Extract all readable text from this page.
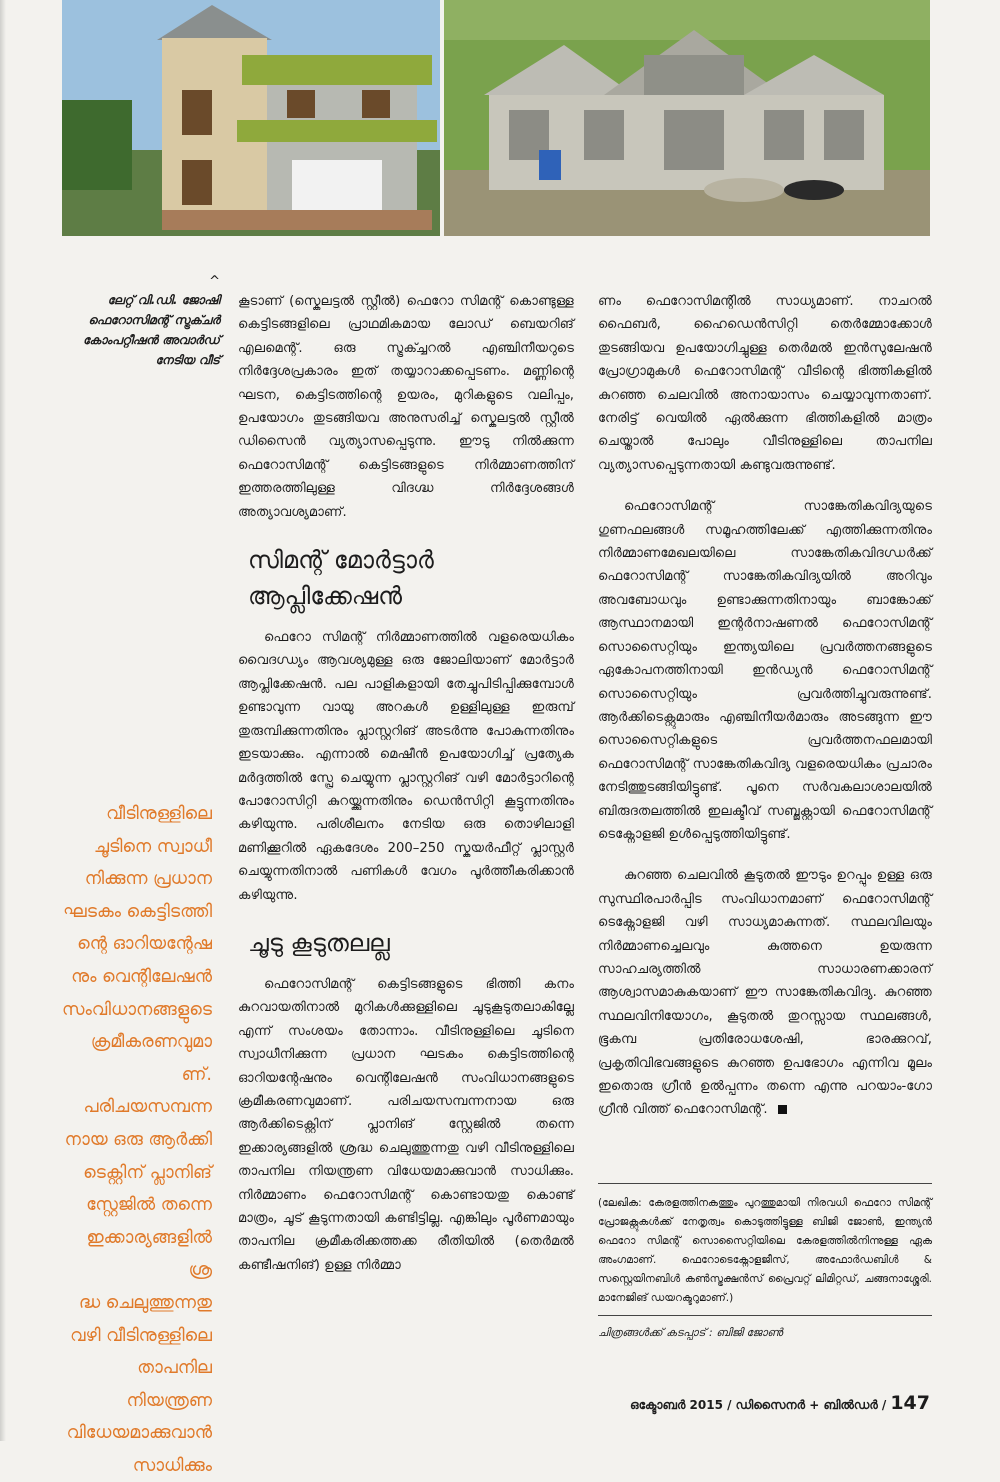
^
ലേറ്റ് വി.ഡി. ജോഷി
ഫെറോസിമന്റ് സ്ട്രക്ചർ
കോംപറ്റീഷൻ അവാർഡ്
നേടിയ വീട്

കൂടാണ് (സ്കെലട്ടൽ സ്റ്റീൽ) ഫെറോ സിമന്റ് കൊണ്ടുള്ള കെട്ടിടങ്ങളിലെ പ്രാഥമികമായ ലോഡ് ബെയറിങ് എലമെന്റ്. ഒരു സ്ട്രക്ച്ചറൽ എഞ്ചിനീയറുടെ നിർദ്ദേശപ്രകാരം ഇത് തയ്യാറാക്കപ്പെടണം. മണ്ണിന്റെ ഘടന, കെട്ടിടത്തിന്റെ ഉയരം, മുറികളുടെ വലിപ്പം, ഉപയോഗം തുടങ്ങിയവ അനുസരിച്ച് സ്കെലട്ടൽ സ്റ്റീൽ ഡിസൈൻ വ്യത്യാസപ്പെടുന്നു. ഈടു നിൽക്കുന്ന ഫെറോസിമന്റ് കെട്ടിടങ്ങളുടെ നിർമ്മാണത്തിന് ഇത്തരത്തിലുള്ള വിദഗ്ദ്ധ നിർദ്ദേശങ്ങൾ അത്യാവശ്യമാണ്.

സിമന്റ് മോർട്ടാർ
ആപ്ലിക്കേഷൻ

ഫെറോ സിമന്റ് നിർമ്മാണത്തിൽ വളരെയധികം വൈദഗ്ധ്യം ആവശ്യമുള്ള ഒരു ജോലിയാണ് മോർട്ടാർ ആപ്ലിക്കേഷൻ. പല പാളികളായി തേച്ചുപിടിപ്പിക്കുമ്പോൾ ഉണ്ടാവുന്ന വായു അറകൾ ഉള്ളിലുള്ള ഇരുമ്പ് തുരുമ്പിക്കുന്നതിനും പ്ലാസ്റ്ററിങ് അടർന്നു പോകുന്നതിനും ഇടയാക്കും. എന്നാൽ മെഷീൻ ഉപയോഗിച്ച് പ്രത്യേക മർദ്ദത്തിൽ സ്പ്രേ ചെയ്യുന്ന പ്ലാസ്റ്ററിങ് വഴി മോർട്ടാറിന്റെ പോറോസിറ്റി കുറയ്ക്കുന്നതിനും ഡെൻസിറ്റി കൂട്ടുന്നതിനും കഴിയുന്നു. പരിശീലനം നേടിയ ഒരു തൊഴിലാളി മണിക്കൂറിൽ ഏകദേശം 200–250 സ്കയർഫീറ്റ് പ്ലാസ്റ്റർ ചെയ്യുന്നതിനാൽ പണികൾ വേഗം പൂർത്തീകരിക്കാൻ കഴിയുന്നു.

ചൂടു കൂടുതലല്ല

ഫെറോസിമന്റ് കെട്ടിടങ്ങളുടെ ഭിത്തി കനം കുറവായതിനാൽ മുറികൾക്കുള്ളിലെ ചൂടുകൂടുതലാകില്ലേ എന്ന് സംശയം തോന്നാം. വീടിനുള്ളിലെ ചൂടിനെ സ്വാധീനിക്കുന്ന പ്രധാന ഘടകം കെട്ടിടത്തിന്റെ ഓറിയന്റേഷനും വെന്റിലേഷൻ സംവിധാനങ്ങളുടെ ക്രമീകരണവുമാണ്. പരിചയസമ്പന്നനായ ഒരു ആർക്കിടെക്റ്റിന് പ്ലാനിങ് സ്റ്റേജിൽ തന്നെ ഇക്കാര്യങ്ങളിൽ ശ്രദ്ധ ചെലുത്തുന്നതു വഴി വീടിനുള്ളിലെ താപനില നിയന്ത്രണ വിധേയമാക്കുവാൻ സാധിക്കും. നിർമ്മാണം ഫെറോസിമന്റ് കൊണ്ടായതു കൊണ്ട് മാത്രം, ചൂട് കൂടുന്നതായി കണ്ടിട്ടില്ല. എങ്കിലും പൂർണമായും താപനില ക്രമീകരിക്കത്തക്ക രീതിയിൽ (തെർമൽ കണ്ടീഷനിങ്) ഉള്ള നിർമ്മാ

ണം ഫെറോസിമന്റിൽ സാധ്യമാണ്. നാചറൽ ഫൈബർ, ഹൈഡെൻസിറ്റി തെർമ്മോക്കോൾ തുടങ്ങിയവ ഉപയോഗിച്ചുള്ള തെർമൽ ഇൻസുലേഷൻ പ്രോഗ്രാമുകൾ ഫെറോസിമന്റ് വീടിന്റെ ഭിത്തികളിൽ കുറഞ്ഞ ചെലവിൽ അനായാസം ചെയ്യാവുന്നതാണ്. നേരിട്ട് വെയിൽ ഏൽക്കുന്ന ഭിത്തികളിൽ മാത്രം ചെയ്താൽ പോലും വീടിനുള്ളിലെ താപനില വ്യത്യാസപ്പെടുന്നതായി കണ്ടുവരുന്നുണ്ട്.

ഫെറോസിമന്റ് സാങ്കേതികവിദ്യയുടെ ഗുണഫലങ്ങൾ സമൂഹത്തിലേക്ക് എത്തിക്കുന്നതിനും നിർമ്മാണമേഖലയിലെ സാങ്കേതികവിദഗ്ധർക്ക് ഫെറോസിമന്റ് സാങ്കേതികവിദ്യയിൽ അറിവും അവബോധവും ഉണ്ടാക്കുന്നതിനായും ബാങ്കോക്ക് ആസ്ഥാനമായി ഇന്റർനാഷണൽ ഫെറോസിമന്റ് സൊസൈറ്റിയും ഇന്ത്യയിലെ പ്രവർത്തനങ്ങളുടെ ഏകോപനത്തിനായി ഇൻഡ്യൻ ഫെറോസിമന്റ് സൊസൈറ്റിയും പ്രവർത്തിച്ചുവരുന്നുണ്ട്. ആർക്കിടെക്റ്റുമാരും എഞ്ചിനീയർമാരും അടങ്ങുന്ന ഈ സൊസൈറ്റികളുടെ പ്രവർത്തനഫലമായി ഫെറോസിമന്റ് സാങ്കേതികവിദ്യ വളരെയധികം പ്രചാരം നേടിത്തുടങ്ങിയിട്ടുണ്ട്. പൂനെ സർവകലാശാലയിൽ ബിരുദതലത്തിൽ ഇലക്ടീവ് സബ്ജക്റ്റായി ഫെറോസിമന്റ് ടെക്നോളജി ഉൾപ്പെടുത്തിയിട്ടുണ്ട്.

കുറഞ്ഞ ചെലവിൽ കൂടുതൽ ഈടും ഉറപ്പും ഉള്ള ഒരു സുസ്ഥിരപാർപ്പിട സംവിധാനമാണ് ഫെറോസിമന്റ് ടെക്നോളജി വഴി സാധ്യമാകുന്നത്. സ്ഥലവിലയും നിർമ്മാണച്ചെലവും കുത്തനെ ഉയരുന്ന സാഹചര്യത്തിൽ സാധാരണക്കാരന് ആശ്വാസമാകുകയാണ് ഈ സാങ്കേതികവിദ്യ. കുറഞ്ഞ സ്ഥലവിനിയോഗം, കൂടുതൽ തുറസ്സായ സ്ഥലങ്ങൾ, ഭൂകമ്പ പ്രതിരോധശേഷി, ഭാരക്കുറവ്, പ്രകൃതിവിഭവങ്ങളുടെ കുറഞ്ഞ ഉപഭോഗം എന്നിവ മൂലം ഇതൊരു ഗ്രീൻ ഉൽപ്പന്നം തന്നെ എന്നു പറയാം-ഗോ ഗ്രീൻ വിത്ത് ഫെറോസിമന്റ്.

(ലേഖിക: കേരളത്തിനകത്തും പുറത്തുമായി നിരവധി ഫെറോ സിമന്റ് പ്രോജക്റ്റുകൾക്ക് നേതൃത്വം കൊടുത്തിട്ടുള്ള ബിജി ജോൺ, ഇന്ത്യൻ ഫെറോ സിമന്റ് സൊസൈറ്റിയിലെ കേരളത്തിൽനിന്നുള്ള ഏക അംഗമാണ്. ഫെറോടെക്നോളജീസ്, അഫോർഡബിൾ & സസ്റ്റെയിനബിൾ കൺസ്ട്രക്ഷൻസ് പ്രൈവറ്റ് ലിമിറ്റഡ്, ചങ്ങനാശ്ശേരി. മാനേജിങ് ഡയറക്ടറുമാണ്.)
ചിത്രങ്ങൾക്ക് കടപ്പാട് : ബിജി ജോൺ
വീടിനുള്ളിലെ
ചൂടിനെ സ്വാധീ
നിക്കുന്ന പ്രധാന
ഘടകം കെട്ടിടത്തി
ന്റെ ഓറിയന്റേഷ
നും വെന്റിലേഷൻ
സംവിധാനങ്ങളുടെ
ക്രമീകരണവുമാ
ണ്. പരിചയസമ്പന്ന
നായ ഒരു ആർക്കി
ടെക്റ്റിന് പ്ലാനിങ്
സ്റ്റേജിൽ തന്നെ
ഇക്കാര്യങ്ങളിൽ ശ്ര
ദ്ധ ചെലുത്തുന്നതു
വഴി വീടിനുള്ളിലെ
താപനില നിയന്ത്രണ
വിധേയമാക്കുവാൻ
സാധിക്കും
ഒക്ടോബർ 2015 / ഡിസൈനർ + ബിൽഡർ / 147
